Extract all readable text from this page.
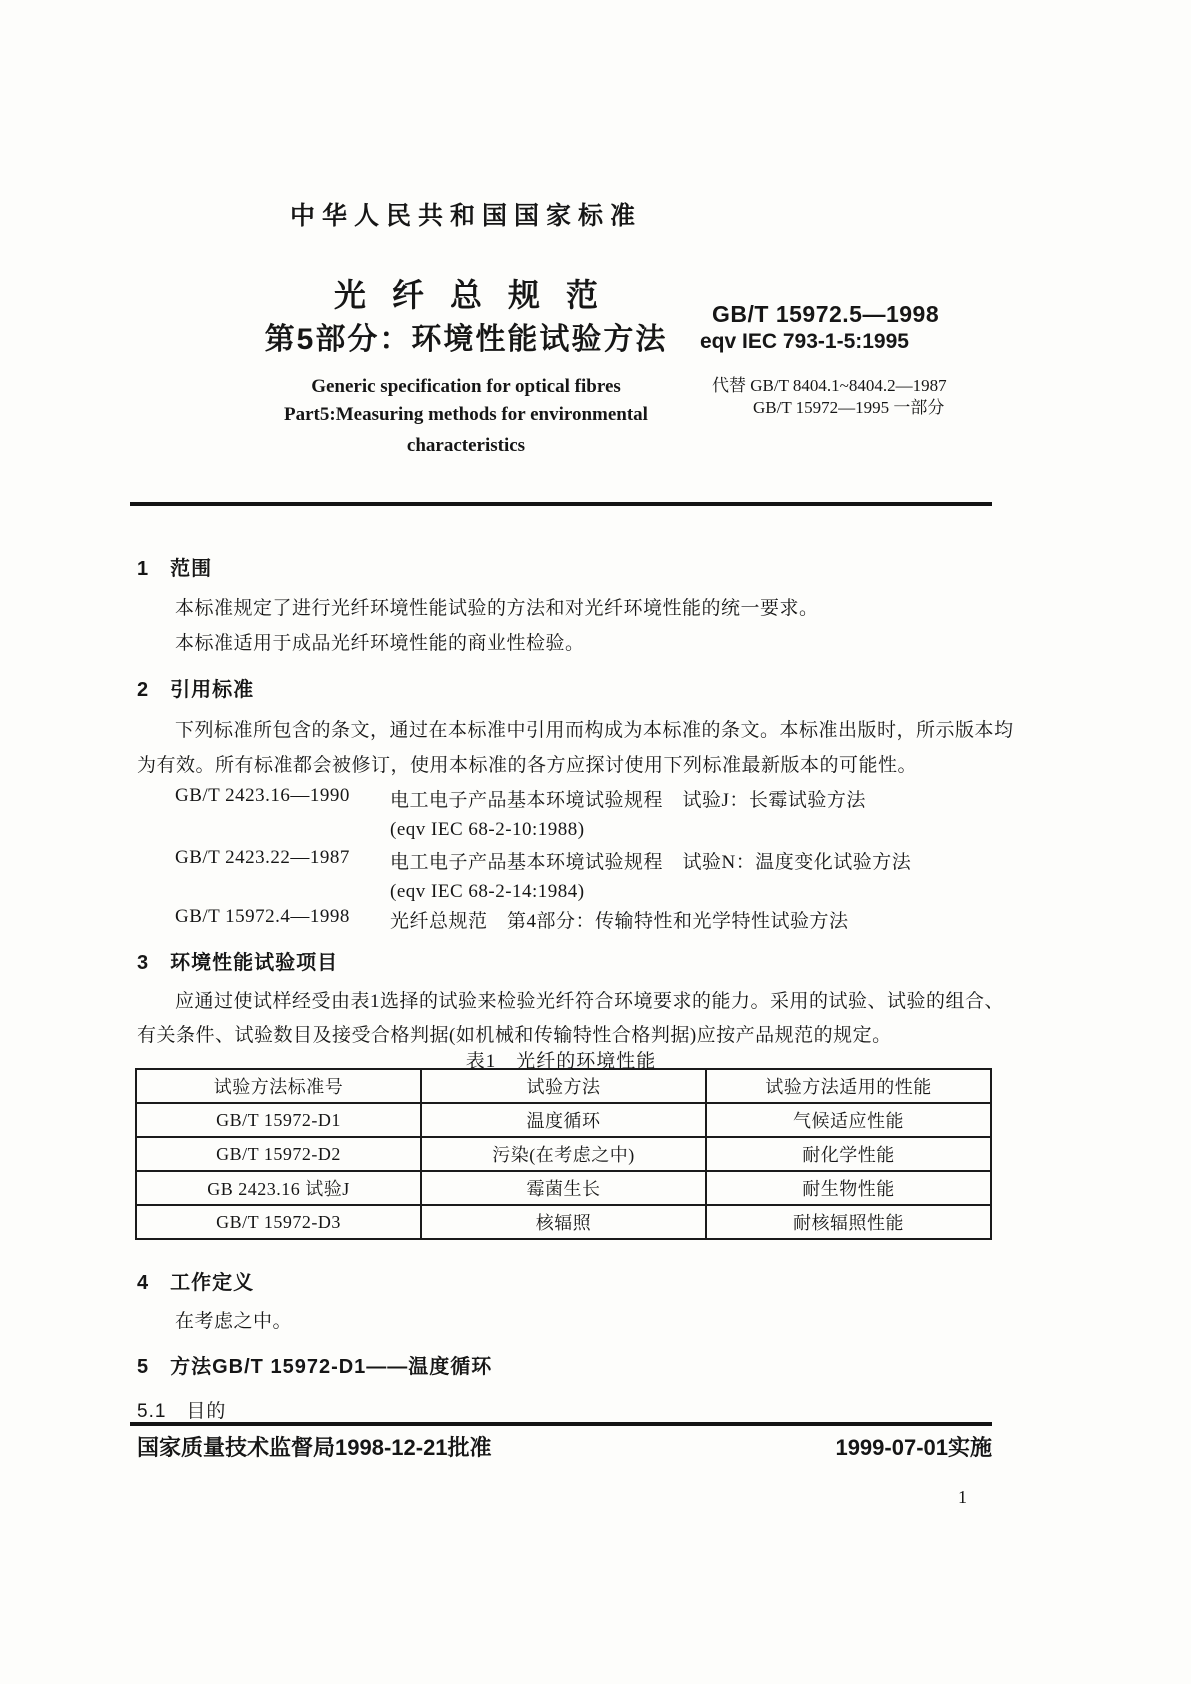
中华人民共和国国家标准
光纤总规范
第5部分：环境性能试验方法
GB/T 15972.5—1998
eqv IEC 793-1-5:1995
代替 GB/T 8404.1~8404.2—1987
GB/T 15972—1995 一部分
Generic specification for optical fibres
Part5:Measuring methods for environmental
characteristics
1　范围
本标准规定了进行光纤环境性能试验的方法和对光纤环境性能的统一要求。
本标准适用于成品光纤环境性能的商业性检验。
2　引用标准
下列标准所包含的条文，通过在本标准中引用而构成为本标准的条文。本标准出版时，所示版本均
为有效。所有标准都会被修订，使用本标准的各方应探讨使用下列标准最新版本的可能性。
GB/T 2423.16—1990	电工电子产品基本环境试验规程　试验J：长霉试验方法
(eqv IEC 68-2-10:1988)
GB/T 2423.22—1987	电工电子产品基本环境试验规程　试验N：温度变化试验方法
(eqv IEC 68-2-14:1984)
GB/T 15972.4—1998	光纤总规范　第4部分：传输特性和光学特性试验方法
3　环境性能试验项目
应通过使试样经受由表1选择的试验来检验光纤符合环境要求的能力。采用的试验、试验的组合、
有关条件、试验数目及接受合格判据(如机械和传输特性合格判据)应按产品规范的规定。
表1　光纤的环境性能
试验方法标准号	试验方法	试验方法适用的性能
GB/T 15972-D1	温度循环	气候适应性能
GB/T 15972-D2	污染(在考虑之中)	耐化学性能
GB 2423.16 试验J	霉菌生长	耐生物性能
GB/T 15972-D3	核辐照	耐核辐照性能
4　工作定义
在考虑之中。
5　方法GB/T 15972-D1——温度循环
5.1　目的
国家质量技术监督局1998-12-21批准	1999-07-01实施
1
